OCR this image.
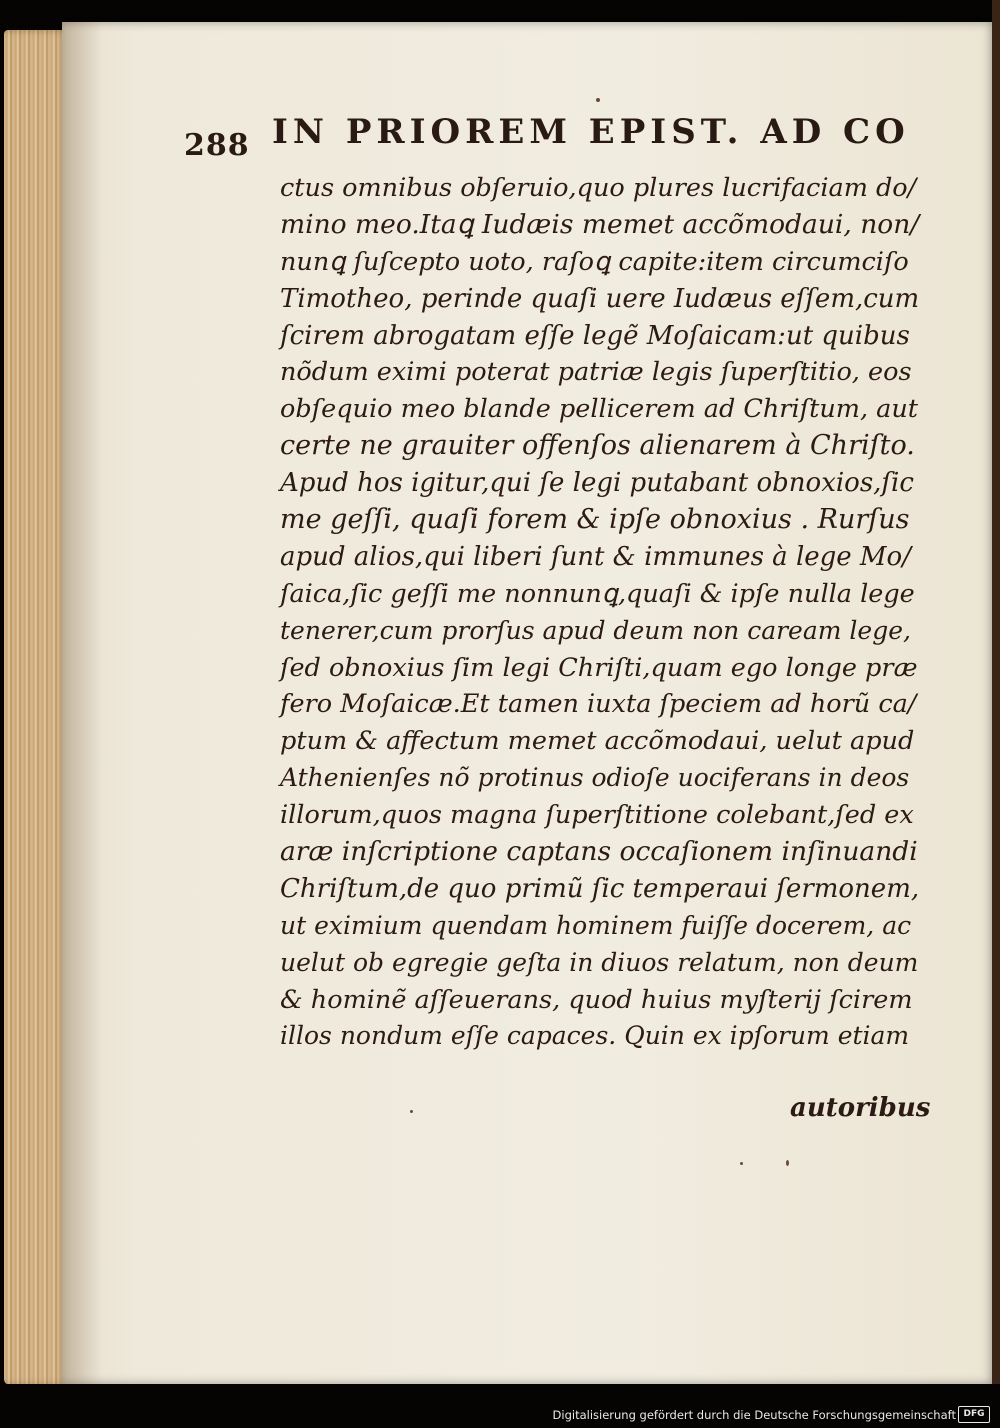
288 IN PRIOREM EPIST. AD CO
ctus omnibus obſeruio,quo plures lucrifaciam do/
mino meo.Itaꝗ Iudæis memet accõmodaui, non/
nunꝗ ſuſcepto uoto, raſoꝗ capite:item circumciſo
Timotheo, perinde quaſi uere Iudæus eſſem,cum
ſcirem abrogatam eſſe legẽ Moſaicam:ut quibus
nõdum eximi poterat patriæ legis ſuperſtitio, eos
obſequio meo blande pellicerem ad Chriſtum, aut
certe ne grauiter offenſos alienarem à Chriſto.
Apud hos igitur,qui ſe legi putabant obnoxios,ſic
me geſſi, quaſi forem & ipſe obnoxius . Rurſus
apud alios,qui liberi ſunt & immunes à lege Mo/
ſaica,ſic geſſi me nonnunꝗ,quaſi & ipſe nulla lege
tenerer,cum prorſus apud deum non caream lege,
ſed obnoxius ſim legi Chriſti,quam ego longe præ
fero Moſaicæ.Et tamen iuxta ſpeciem ad horũ ca/
ptum & affectum memet accõmodaui, uelut apud
Athenienſes nõ protinus odioſe uociferans in deos
illorum,quos magna ſuperſtitione colebant,ſed ex
aræ inſcriptione captans occaſionem inſinuandi
Chriſtum,de quo primũ ſic temperaui ſermonem,
ut eximium quendam hominem fuiſſe docerem, ac
uelut ob egregie geſta in diuos relatum, non deum
& hominẽ aſſeuerans, quod huius myſterij ſcirem
illos nondum eſſe capaces. Quin ex ipſorum etiam
autoribus
Digitalisierung gefördert durch die Deutsche Forschungsgemeinschaft DFG
